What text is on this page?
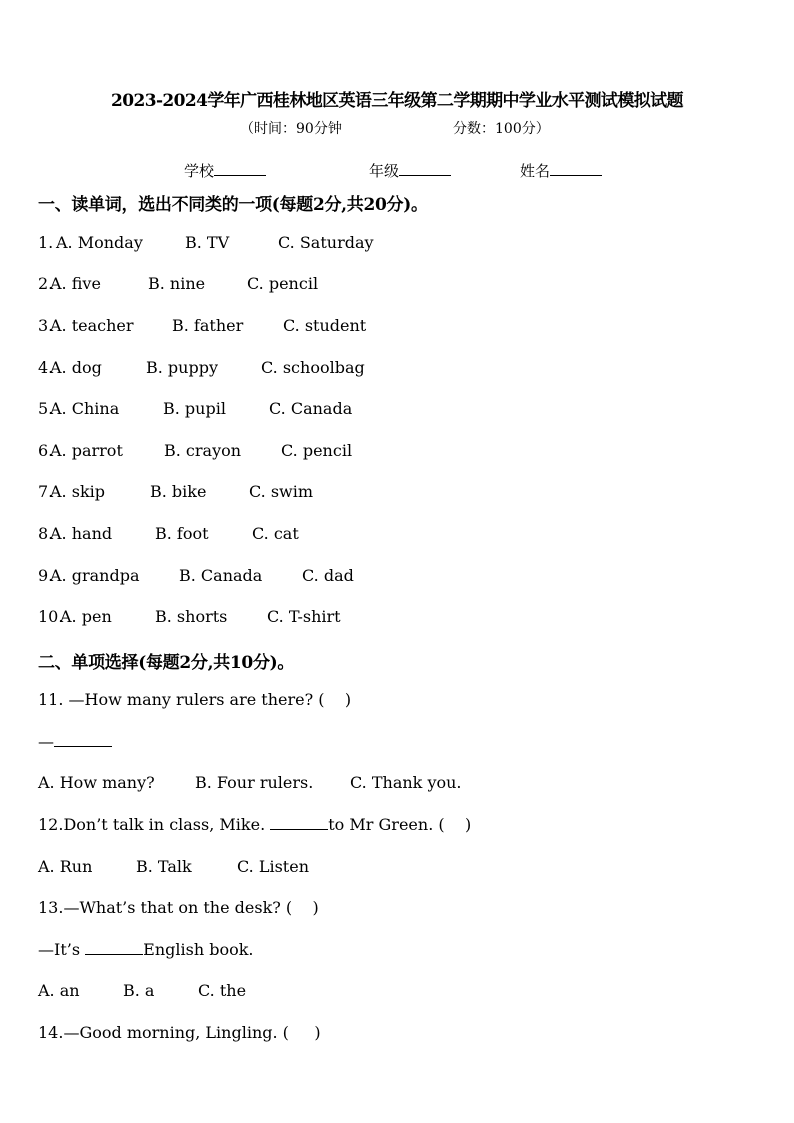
2023-2024学年广西桂林地区英语三年级第二学期期中学业水平测试模拟试题
（时间：90分钟	分数：100分）
学校	年级	姓名
一、读单词，选出不同类的一项(每题2分,共20分)。
1. A. Monday	B. TV	C. Saturday
2.
A. five	B. nine	C. pencil
3.
A. teacher B. father C. student
4.
A. dog	B. puppy	C. schoolbag
5.
A. China	B. pupil	C. Canada
6.
A. parrot	B. crayon C. pencil
7.
A. skip	B. bike	C. swim
8.
A. hand	B. foot	C. cat
9.
A. grandpa B. Canada C. dad
10.
A. pen	B. shorts C. T-shirt
二、单项选择(每题2分,共10分)。
11. —How many rulers are there? (    )
—
A. How many?	B. Four rulers. C. Thank you.
12.Don’t talk in class, Mike.	to Mr Green. (    )
A. Run	B. Talk	C. Listen
13.—What’s that on the desk? (    )
—It’s	English book.
A. an	B. a	C. the
14.—Good morning, Lingling. (     )
